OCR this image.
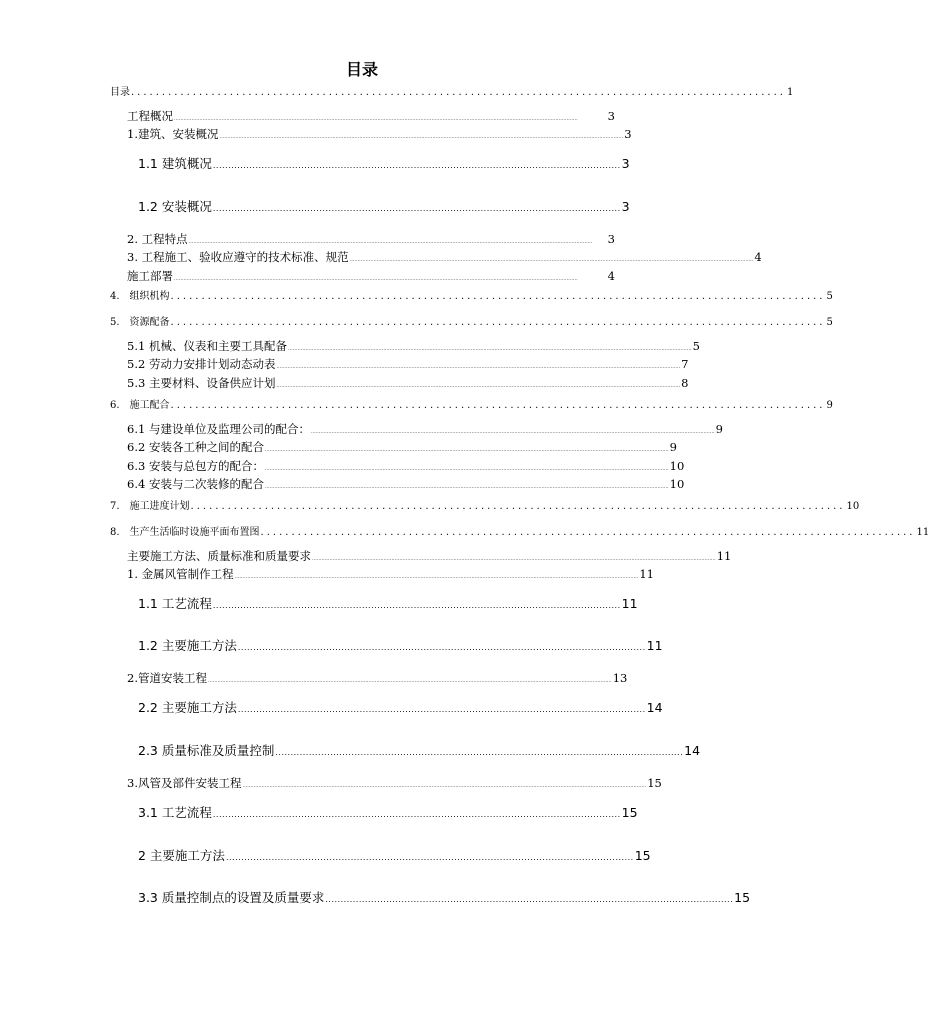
目录
目录 .......................................................................................................... 1
工程概况 ..............................................................................................................................................................................................................................................................	3
1.建筑、安装概况 .............................................................................................................................................................................................................................................................. 3
1.1 建筑概况 ...................................................................................................................................... 3
1.2 安装概况 ...................................................................................................................................... 3
2. 工程特点 ..............................................................................................................................................................................................................................................................	3
3. 工程施工、验收应遵守的技术标准、规范 .............................................................................................................................................................................................................................................................. 4
施工部署 ..............................................................................................................................................................................................................................................................	4
4. 组织机构 .......................................................................................................... 5
5. 资源配备 .......................................................................................................... 5
5.1 机械、仪表和主要工具配备 .............................................................................................................................................................................................................................................................. 5
5.2 劳动力安排计划动态动表 .............................................................................................................................................................................................................................................................. 7
5.3 主要材料、设备供应计划 .............................................................................................................................................................................................................................................................. 8
6. 施工配合 .......................................................................................................... 9
6.1 与建设单位及监理公司的配合： .............................................................................................................................................................................................................................................................. 9
6.2 安装各工种之间的配合 .............................................................................................................................................................................................................................................................. 9
6.3 安装与总包方的配合： .............................................................................................................................................................................................................................................................. 10
6.4 安装与二次装修的配合 .............................................................................................................................................................................................................................................................. 10
7. 施工进度计划 .......................................................................................................... 10
8. 生产生活临时设施平面布置图 .......................................................................................................... 11
主要施工方法、质量标准和质量要求 .............................................................................................................................................................................................................................................................. 11
1. 金属风管制作工程 .............................................................................................................................................................................................................................................................. 11
1.1 工艺流程 ...................................................................................................................................... 11
1.2 主要施工方法 ...................................................................................................................................... 11
2.管道安装工程 .............................................................................................................................................................................................................................................................. 13
2.2 主要施工方法 ...................................................................................................................................... 14
2.3 质量标准及质量控制 ...................................................................................................................................... 14
3.风管及部件安装工程 .............................................................................................................................................................................................................................................................. 15
3.1 工艺流程 ...................................................................................................................................... 15
2 主要施工方法 ...................................................................................................................................... 15
3.3 质量控制点的设置及质量要求 ...................................................................................................................................... 15
